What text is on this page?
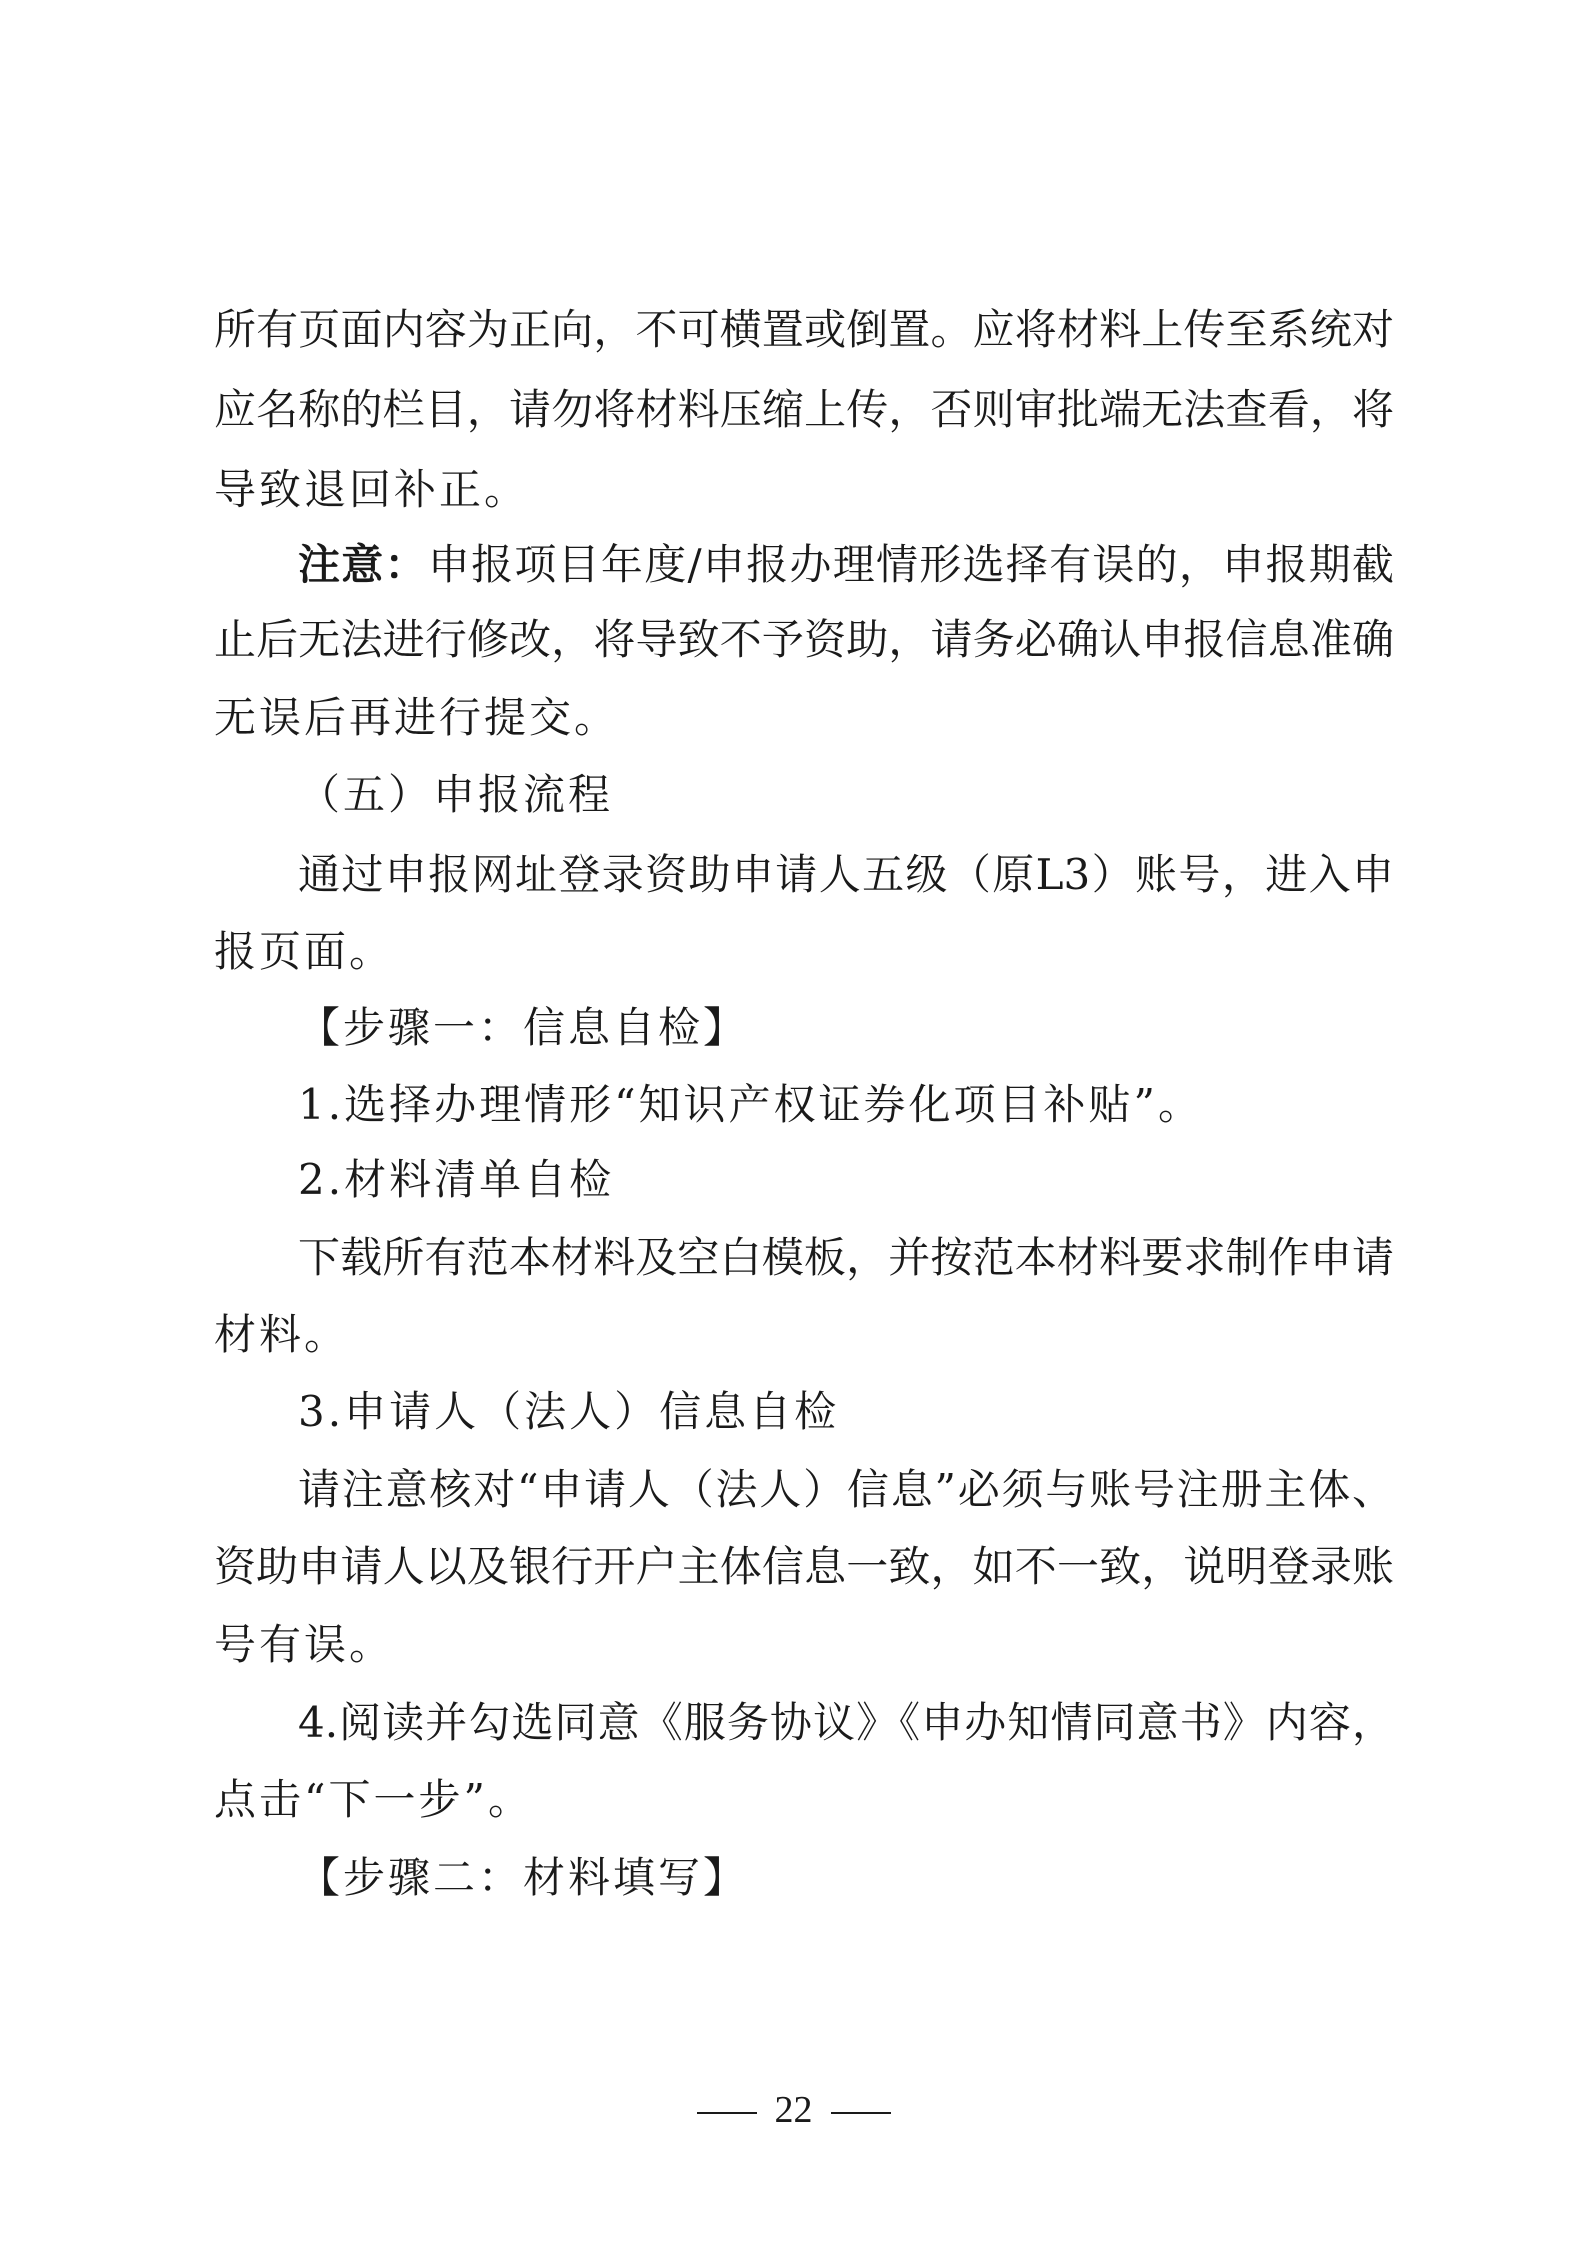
所有页面内容为正向，不可横置或倒置。应将材料上传至系统对
应名称的栏目，请勿将材料压缩上传，否则审批端无法查看，将
导致退回补正。
注意：申报项目年度/申报办理情形选择有误的，申报期截
止后无法进行修改，将导致不予资助，请务必确认申报信息准确
无误后再进行提交。
（五）申报流程
通过申报网址登录资助申请人五级（原L3）账号，进入申
报页面。
【步骤一：信息自检】
1.选择办理情形“知识产权证券化项目补贴”。
2.材料清单自检
下载所有范本材料及空白模板，并按范本材料要求制作申请
材料。
3.申请人（法人）信息自检
请注意核对“申请人（法人）信息”必须与账号注册主体、
资助申请人以及银行开户主体信息一致，如不一致，说明登录账
号有误。
4.阅读并勾选同意《服务协议》《申办知情同意书》内容，
点击“下一步”。
【步骤二：材料填写】
22
